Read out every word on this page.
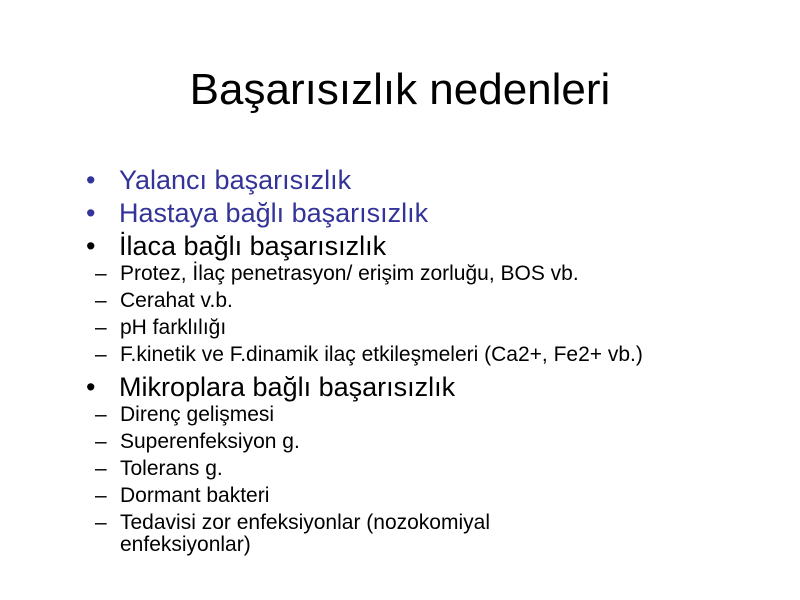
Başarısızlık nedenleri
• Yalancı başarısızlık
• Hastaya bağlı başarısızlık
• İlaca bağlı başarısızlık
– Protez, İlaç penetrasyon/ erişim zorluğu, BOS vb.
– Cerahat v.b.
– pH farklılığı
– F.kinetik ve F.dinamik ilaç etkileşmeleri (Ca2+, Fe2+ vb.)
• Mikroplara bağlı başarısızlık
– Direnç gelişmesi
– Superenfeksiyon g.
– Tolerans g.
– Dormant bakteri
– Tedavisi zor enfeksiyonlar (nozokomiyal enfeksiyonlar)
